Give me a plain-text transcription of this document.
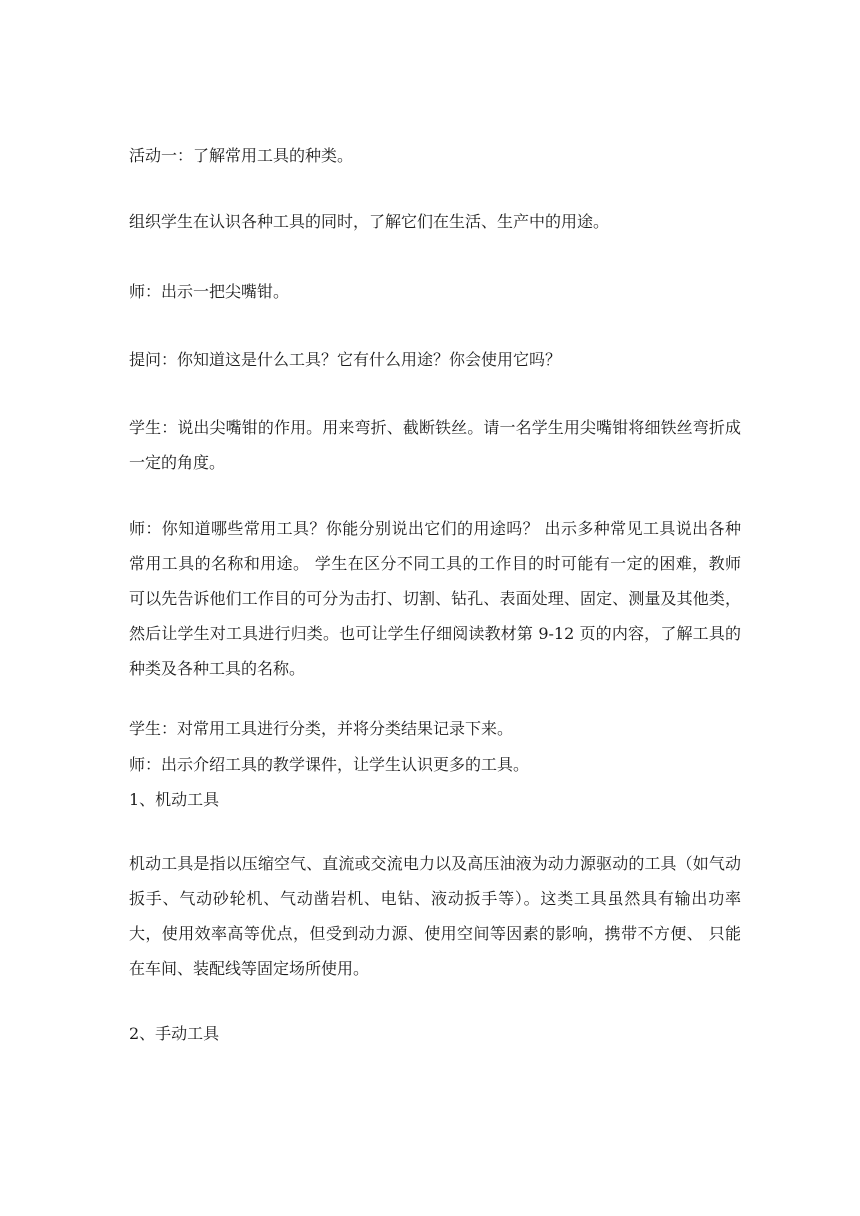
活动一：了解常用工具的种类。
组织学生在认识各种工具的同时，了解它们在生活、生产中的用途。
师：出示一把尖嘴钳。
提问：你知道这是什么工具？它有什么用途？你会使用它吗？
学生：说出尖嘴钳的作用。用来弯折、截断铁丝。请一名学生用尖嘴钳将细铁丝弯折成一定的角度。
师：你知道哪些常用工具？你能分别说出它们的用途吗？ 出示多种常见工具说出各种常用工具的名称和用途。 学生在区分不同工具的工作目的时可能有一定的困难，教师可以先告诉他们工作目的可分为击打、切割、钻孔、表面处理、固定、测量及其他类，然后让学生对工具进行归类。也可让学生仔细阅读教材第 9-12 页的内容，了解工具的种类及各种工具的名称。
学生：对常用工具进行分类，并将分类结果记录下来。
师：出示介绍工具的教学课件，让学生认识更多的工具。
1、机动工具
机动工具是指以压缩空气、直流或交流电力以及高压油液为动力源驱动的工具（如气动扳手、气动砂轮机、气动凿岩机、电钻、液动扳手等）。这类工具虽然具有输出功率大，使用效率高等优点，但受到动力源、使用空间等因素的影响，携带不方便、 只能在车间、装配线等固定场所使用。
2、手动工具
